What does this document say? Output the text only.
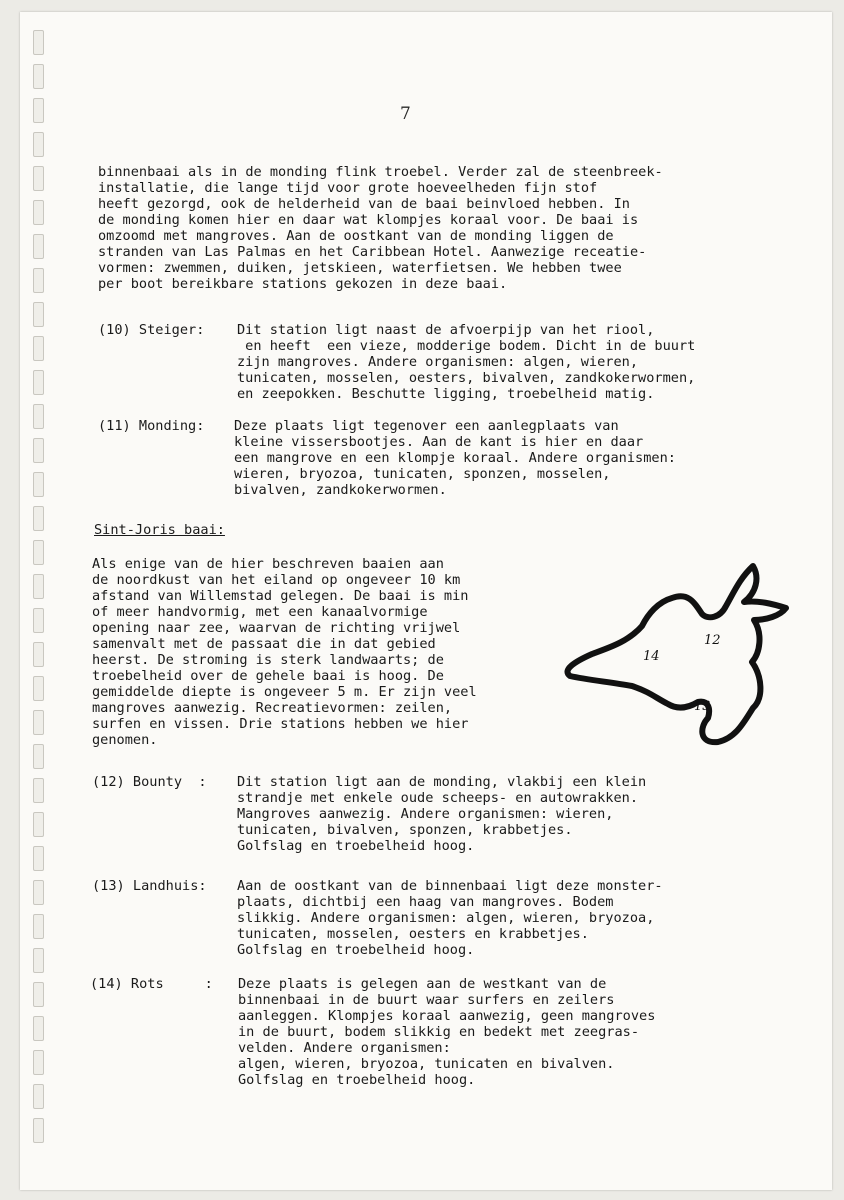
7
binnenbaai als in de monding flink troebel. Verder zal de steenbreek-
installatie, die lange tijd voor grote hoeveelheden fijn stof
heeft gezorgd, ook de helderheid van de baai beinvloed hebben. In
de monding komen hier en daar wat klompjes koraal voor. De baai is
omzoomd met mangroves. Aan de oostkant van de monding liggen de
stranden van Las Palmas en het Caribbean Hotel. Aanwezige receatie-
vormen: zwemmen, duiken, jetskieen, waterfietsen. We hebben twee
per boot bereikbare stations gekozen in deze baai.
(10) Steiger: Dit station ligt naast de afvoerpijp van het riool,
en heeft  een vieze, modderige bodem. Dicht in de buurt
zijn mangroves. Andere organismen: algen, wieren,
tunicaten, mosselen, oesters, bivalven, zandkokerwormen,
en zeepokken. Beschutte ligging, troebelheid matig.
(11) Monding: Deze plaats ligt tegenover een aanlegplaats van
kleine vissersbootjes. Aan de kant is hier en daar
een mangrove en een klompje koraal. Andere organismen:
wieren, bryozoa, tunicaten, sponzen, mosselen,
bivalven, zandkokerwormen.
Sint-Joris baai:
Als enige van de hier beschreven baaien aan
de noordkust van het eiland op ongeveer 10 km
afstand van Willemstad gelegen. De baai is min
of meer handvormig, met een kanaalvormige
opening naar zee, waarvan de richting vrijwel
samenvalt met de passaat die in dat gebied
heerst. De stroming is sterk landwaarts; de
troebelheid over de gehele baai is hoog. De
gemiddelde diepte is ongeveer 5 m. Er zijn veel
mangroves aanwezig. Recreatievormen: zeilen,
surfen en vissen. Drie stations hebben we hier
genomen.
14
12
13
(12) Bounty  : Dit station ligt aan de monding, vlakbij een klein
strandje met enkele oude scheeps- en autowrakken.
Mangroves aanwezig. Andere organismen: wieren,
tunicaten, bivalven, sponzen, krabbetjes.
Golfslag en troebelheid hoog.
(13) Landhuis: Aan de oostkant van de binnenbaai ligt deze monster-
plaats, dichtbij een haag van mangroves. Bodem
slikkig. Andere organismen: algen, wieren, bryozoa,
tunicaten, mosselen, oesters en krabbetjes.
Golfslag en troebelheid hoog.
(14) Rots     : Deze plaats is gelegen aan de westkant van de
binnenbaai in de buurt waar surfers en zeilers
aanleggen. Klompjes koraal aanwezig, geen mangroves
in de buurt, bodem slikkig en bedekt met zeegras-
velden. Andere organismen:
algen, wieren, bryozoa, tunicaten en bivalven.
Golfslag en troebelheid hoog.
